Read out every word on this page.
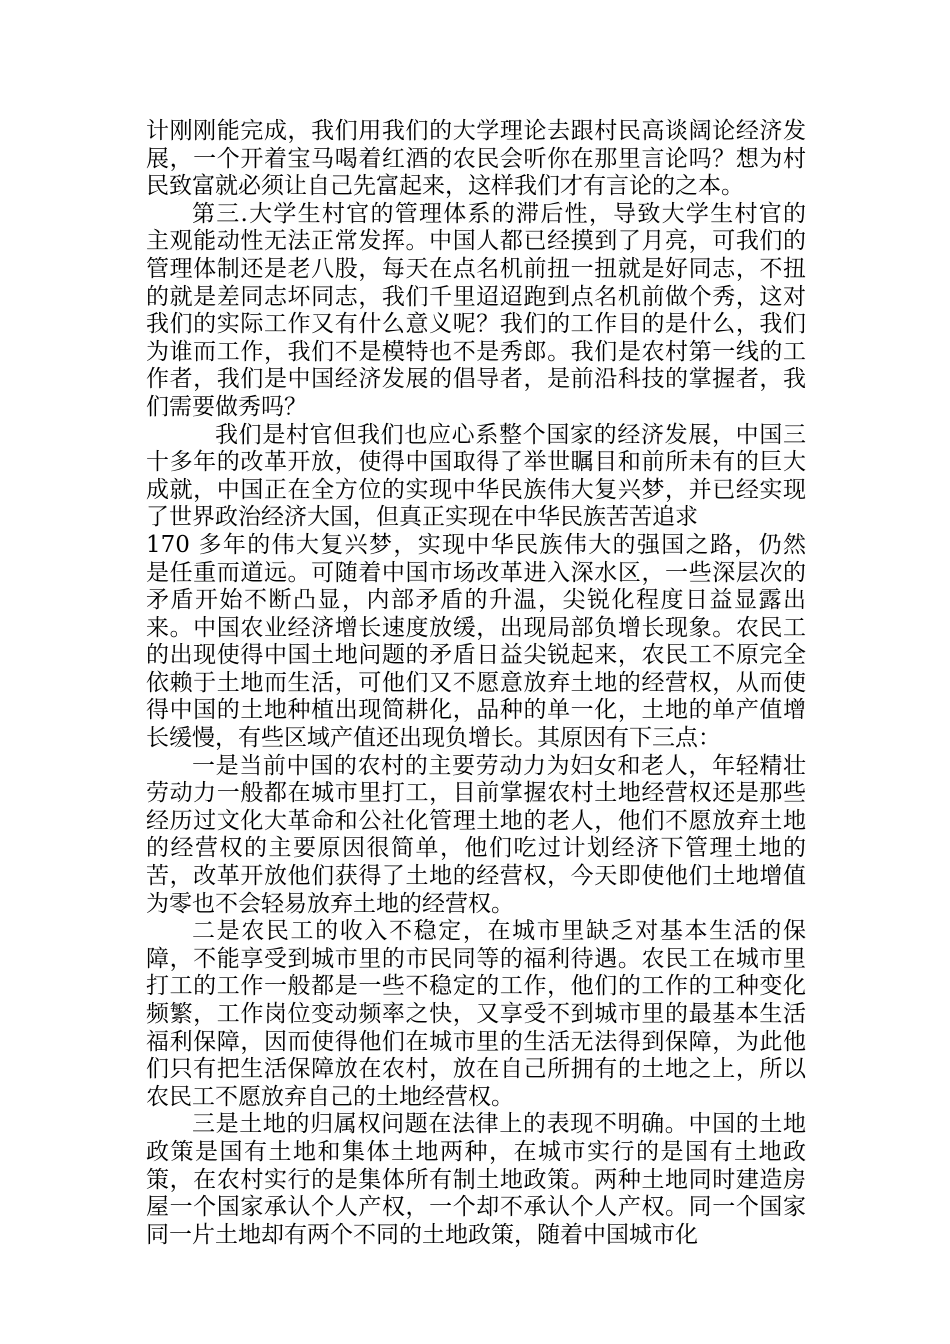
计刚刚能完成，我们用我们的大学理论去跟村民高谈阔论经济发展，一个开着宝马喝着红酒的农民会听你在那里言论吗？想为村民致富就必须让自己先富起来，这样我们才有言论的之本。

第三.大学生村官的管理体系的滞后性，导致大学生村官的

主观能动性无法正常发挥。中国人都已经摸到了月亮，可我们的管理体制还是老八股，每天在点名机前扭一扭就是好同志，不扭的就是差同志坏同志，我们千里迢迢跑到点名机前做个秀，这对我们的实际工作又有什么意义呢？我们的工作目的是什么，我们为谁而工作，我们不是模特也不是秀郎。我们是农村第一线的工作者，我们是中国经济发展的倡导者，是前沿科技的掌握者，我们需要做秀吗？

我们是村官但我们也应心系整个国家的经济发展，中国三十多年的改革开放，使得中国取得了举世瞩目和前所未有的巨大成就，中国正在全方位的实现中华民族伟大复兴梦，并已经实现了世界政治经济大国，但真正实现在中华民族苦苦追求

170 多年的伟大复兴梦，实现中华民族伟大的强国之路，仍然

是任重而道远。可随着中国市场改革进入深水区，一些深层次的矛盾开始不断凸显，内部矛盾的升温，尖锐化程度日益显露出来。中国农业经济增长速度放缓，出现局部负增长现象。农民工的出现使得中国土地问题的矛盾日益尖锐起来，农民工不原完全依赖于土地而生活，可他们又不愿意放弃土地的经营权，从而使得中国的土地种植出现简耕化，品种的单一化，土地的单产值增长缓慢，有些区域产值还出现负增长。其原因有下三点：

一是当前中国的农村的主要劳动力为妇女和老人，年轻精壮劳动力一般都在城市里打工，目前掌握农村土地经营权还是那些经历过文化大革命和公社化管理土地的老人，他们不愿放弃土地的经营权的主要原因很简单，他们吃过计划经济下管理土地的苦，改革开放他们获得了土地的经营权，今天即使他们土地增值为零也不会轻易放弃土地的经营权。

二是农民工的收入不稳定，在城市里缺乏对基本生活的保障，不能享受到城市里的市民同等的福利待遇。农民工在城市里打工的工作一般都是一些不稳定的工作，他们的工作的工种变化频繁，工作岗位变动频率之快，又享受不到城市里的最基本生活福利保障，因而使得他们在城市里的生活无法得到保障，为此他们只有把生活保障放在农村，放在自己所拥有的土地之上，所以农民工不愿放弃自己的土地经营权。

三是土地的归属权问题在法律上的表现不明确。中国的土地政策是国有土地和集体土地两种，在城市实行的是国有土地政策，在农村实行的是集体所有制土地政策。两种土地同时建造房屋一个国家承认个人产权，一个却不承认个人产权。同一个国家同一片土地却有两个不同的土地政策，随着中国城市化
